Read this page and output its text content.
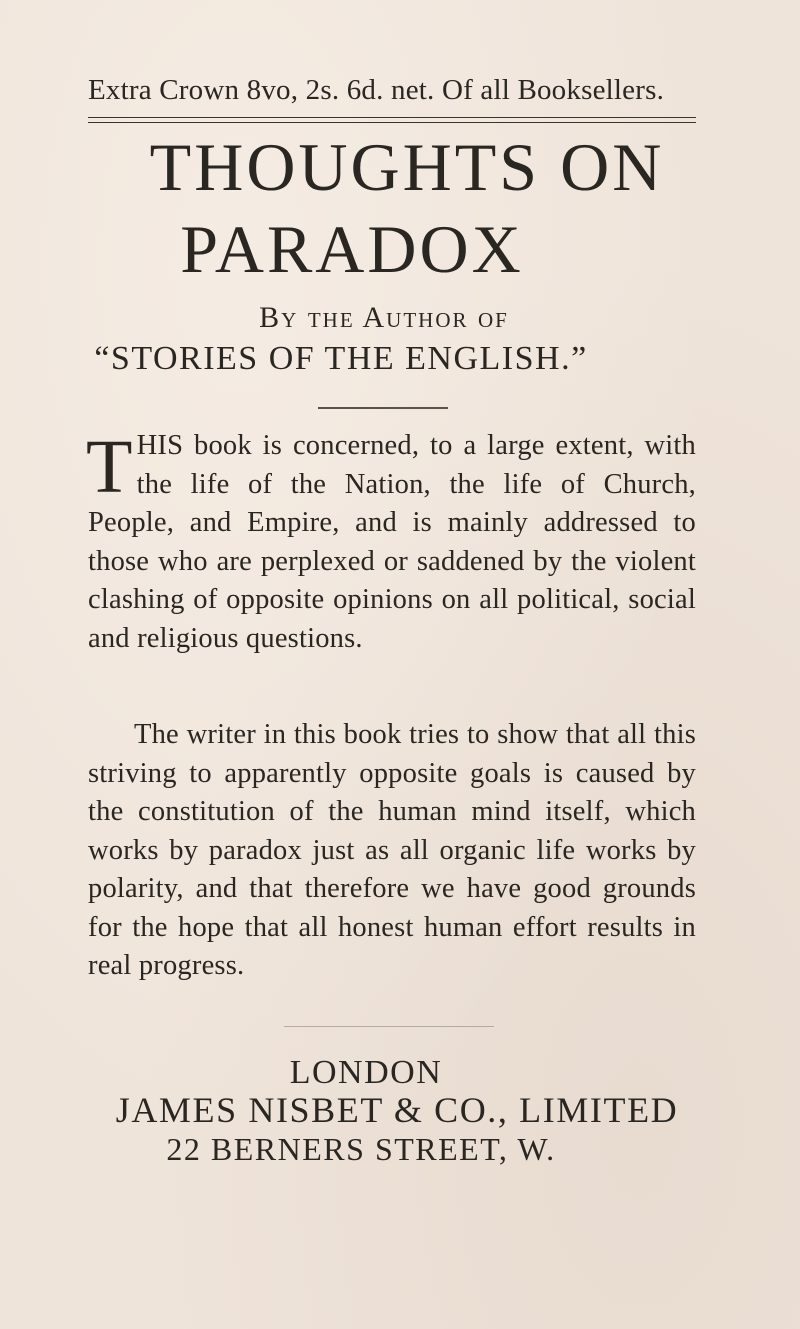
Extra Crown 8vo, 2s. 6d. net. Of all Booksellers.
THOUGHTS ON
PARADOX
By the Author of
“STORIES OF THE ENGLISH.”
THIS book is concerned, to a large extent, with the life of the Nation, the life of Church, People, and Empire, and is mainly addressed to those who are perplexed or saddened by the violent clashing of opposite opinions on all political, social and religious questions.
The writer in this book tries to show that all this striving to apparently opposite goals is caused by the constitution of the human mind itself, which works by paradox just as all organic life works by polarity, and that therefore we have good grounds for the hope that all honest human effort results in real progress.
LONDON
JAMES NISBET & CO., LIMITED
22 BERNERS STREET, W.
